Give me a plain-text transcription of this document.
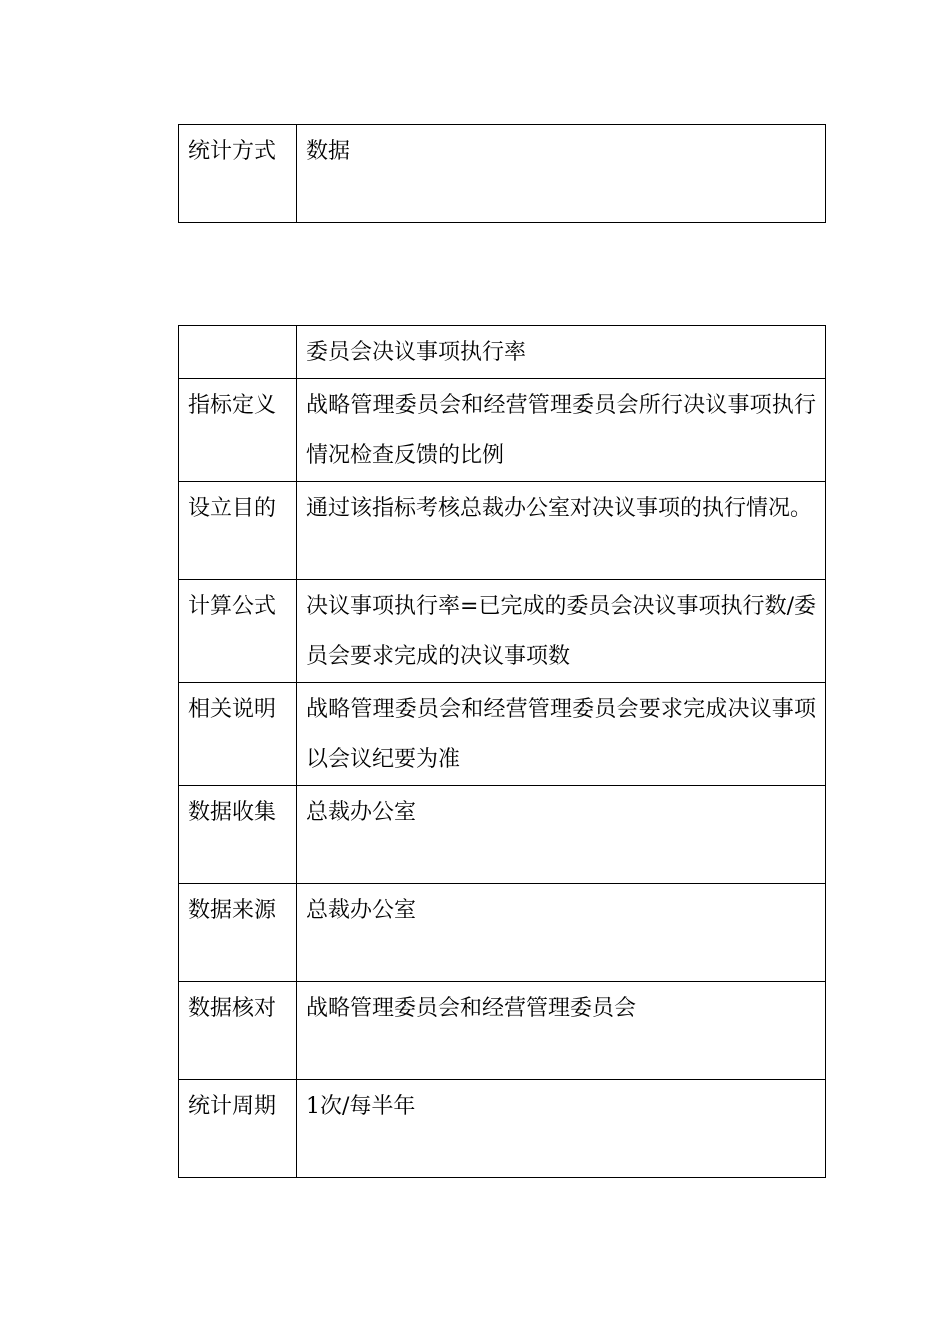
统计方式	数据
	委员会决议事项执行率
指标定义	战略管理委员会和经营管理委员会所行决议事项执行情况检查反馈的比例
设立目的	通过该指标考核总裁办公室对决议事项的执行情况。
计算公式	决议事项执行率=已完成的委员会决议事项执行数/委员会要求完成的决议事项数
相关说明	战略管理委员会和经营管理委员会要求完成决议事项以会议纪要为准
数据收集	总裁办公室
数据来源	总裁办公室
数据核对	战略管理委员会和经营管理委员会
统计周期	1次/每半年
